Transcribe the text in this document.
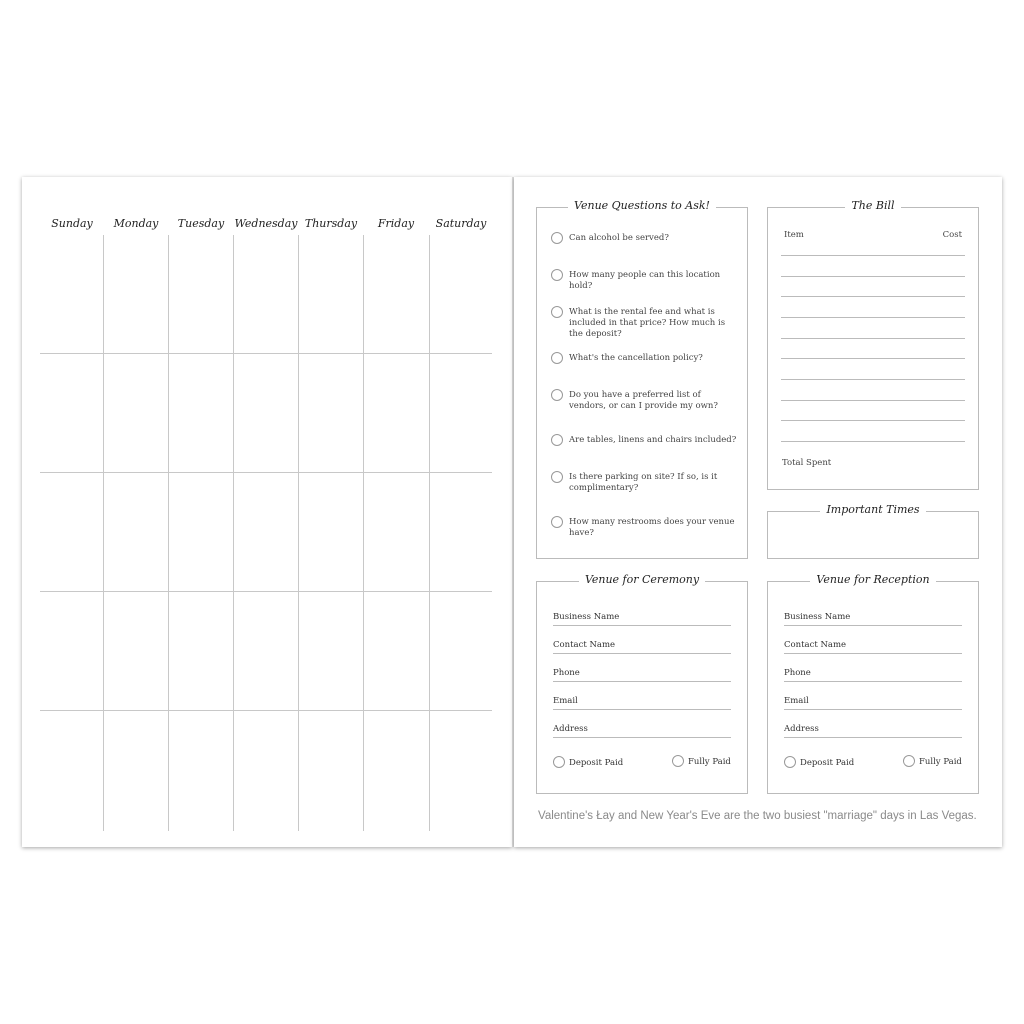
Sunday	Monday	Tuesday Wednesday Thursday	Friday	Saturday
Venue Questions to Ask!
Can alcohol be served?
How many people can this location hold?
What is the rental fee and what is included in that price? How much is the deposit?
What's the cancellation policy?
Do you have a preferred list of vendors, or can I provide my own?
Are tables, linens and chairs included?
Is there parking on site? If so, is it complimentary?
How many restrooms does your venue have?
The Bill
Item	Cost
Total Spent
Important Times
Venue for Ceremony
Business Name
Contact Name
Phone
Email
Address
Deposit Paid	Fully Paid
Venue for Reception
Business Name
Contact Name
Phone
Email
Address
Deposit Paid	Fully Paid
Valentine's Łay and New Year's Eve are the two busiest "marriage" days in Las Vegas.
